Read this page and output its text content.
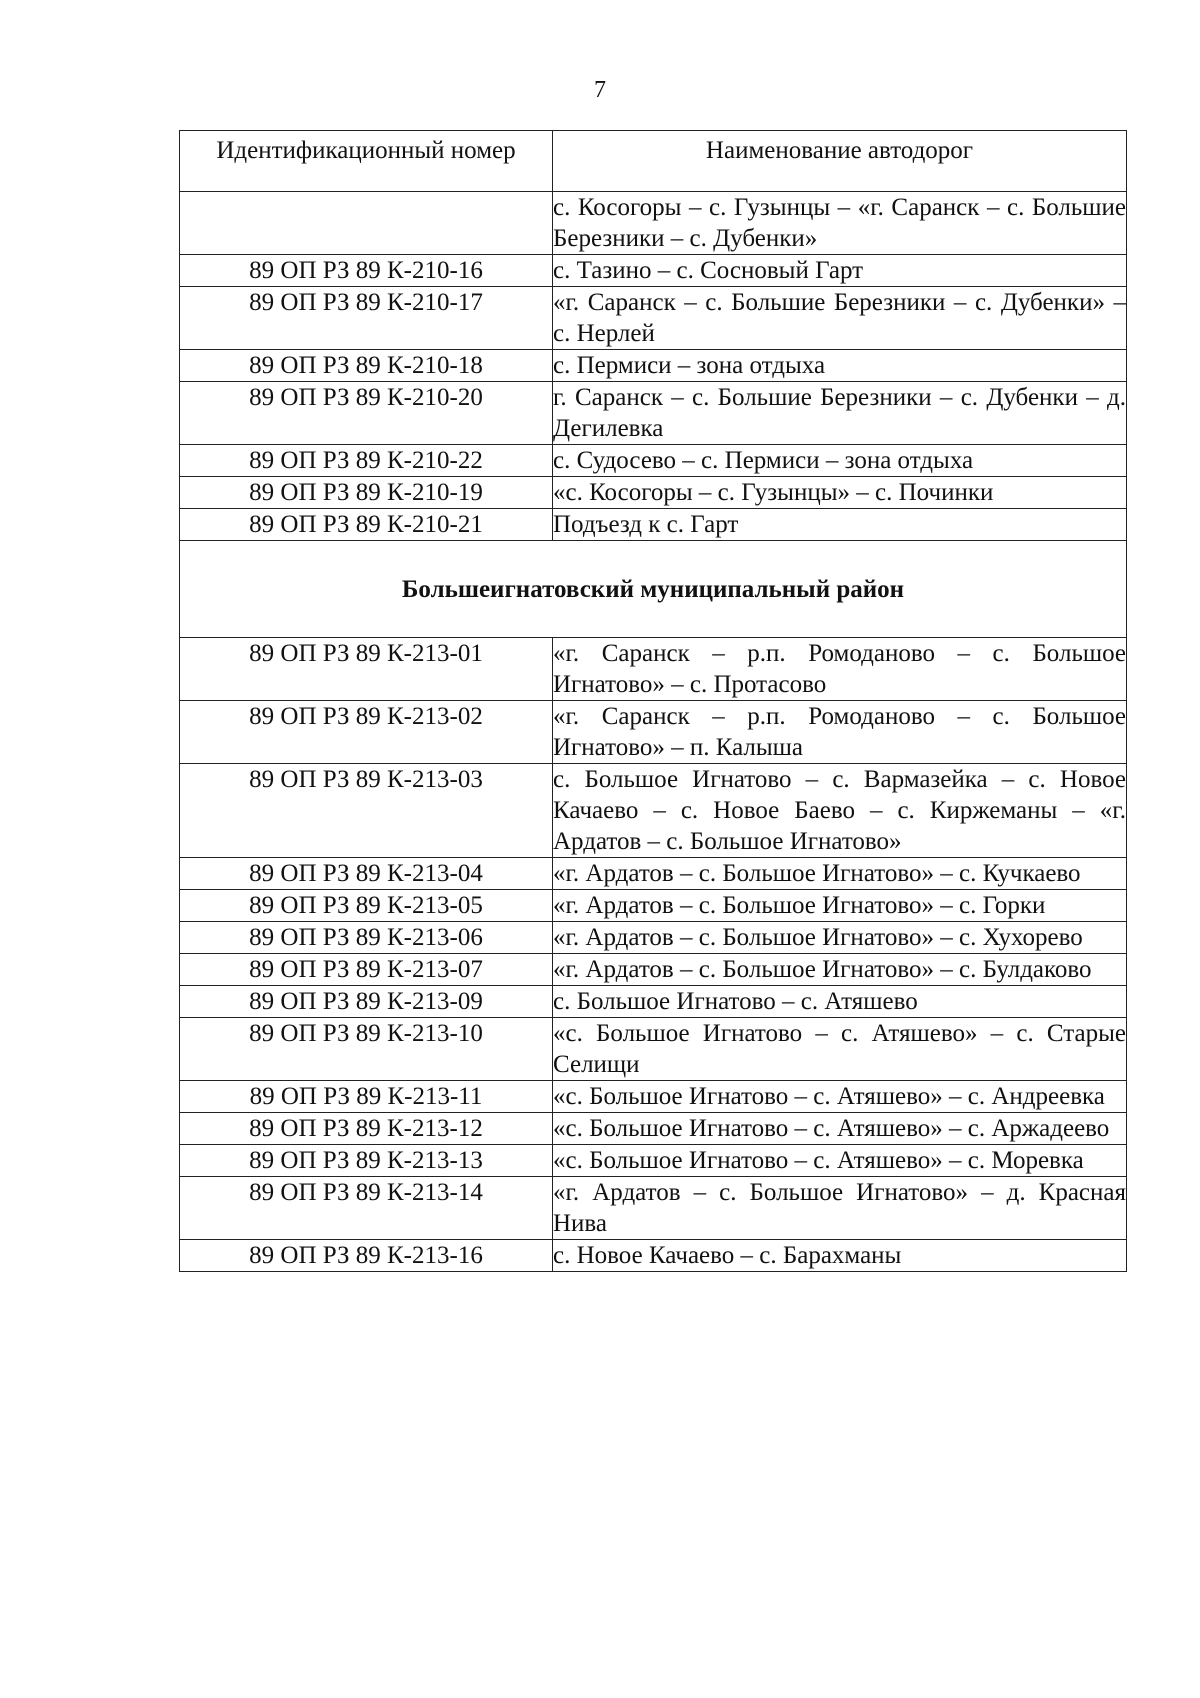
7
Идентификационный номер	Наименование автодорог
	с. Косогоры – с. Гузынцы – «г. Саранск – с. Большие Березники – с. Дубенки»
89 ОП РЗ 89 К-210-16	с. Тазино – с. Сосновый Гарт
89 ОП РЗ 89 К-210-17	«г. Саранск – с. Большие Березники – с. Дубенки» – с. Нерлей
89 ОП РЗ 89 К-210-18	с. Пермиси – зона отдыха
89 ОП РЗ 89 К-210-20	г. Саранск – с. Большие Березники – с. Дубенки – д. Дегилевка
89 ОП РЗ 89 К-210-22	с. Судосево – с. Пермиси – зона отдыха
89 ОП РЗ 89 К-210-19	«с. Косогоры – с. Гузынцы» – с. Починки
89 ОП РЗ 89 К-210-21	Подъезд к с. Гарт
Большеигнатовский муниципальный район	
89 ОП РЗ 89 К-213-01	«г. Саранск – р.п. Ромоданово – с. Большое Игнатово» – с. Протасово
89 ОП РЗ 89 К-213-02	«г. Саранск – р.п. Ромоданово – с. Большое Игнатово» – п. Калыша
89 ОП РЗ 89 К-213-03	с. Большое Игнатово – с. Вармазейка – с. Новое Качаево – с. Новое Баево – с. Киржеманы – «г. Ардатов – с. Большое Игнатово»
89 ОП РЗ 89 К-213-04	«г. Ардатов – с. Большое Игнатово» – с. Кучкаево
89 ОП РЗ 89 К-213-05	«г. Ардатов – с. Большое Игнатово» – с. Горки
89 ОП РЗ 89 К-213-06	«г. Ардатов – с. Большое Игнатово» – с. Хухорево
89 ОП РЗ 89 К-213-07	«г. Ардатов – с. Большое Игнатово» – с. Булдаково
89 ОП РЗ 89 К-213-09	с. Большое Игнатово – с. Атяшево
89 ОП РЗ 89 К-213-10	«с. Большое Игнатово – с. Атяшево» – с. Старые Селищи
89 ОП РЗ 89 К-213-11	«с. Большое Игнатово – с. Атяшево» – с. Андреевка
89 ОП РЗ 89 К-213-12	«с. Большое Игнатово – с. Атяшево» – с. Аржадеево
89 ОП РЗ 89 К-213-13	«с. Большое Игнатово – с. Атяшево» – с. Моревка
89 ОП РЗ 89 К-213-14	«г. Ардатов – с. Большое Игнатово» – д. Красная Нива
89 ОП РЗ 89 К-213-16	с. Новое Качаево – с. Барахманы
